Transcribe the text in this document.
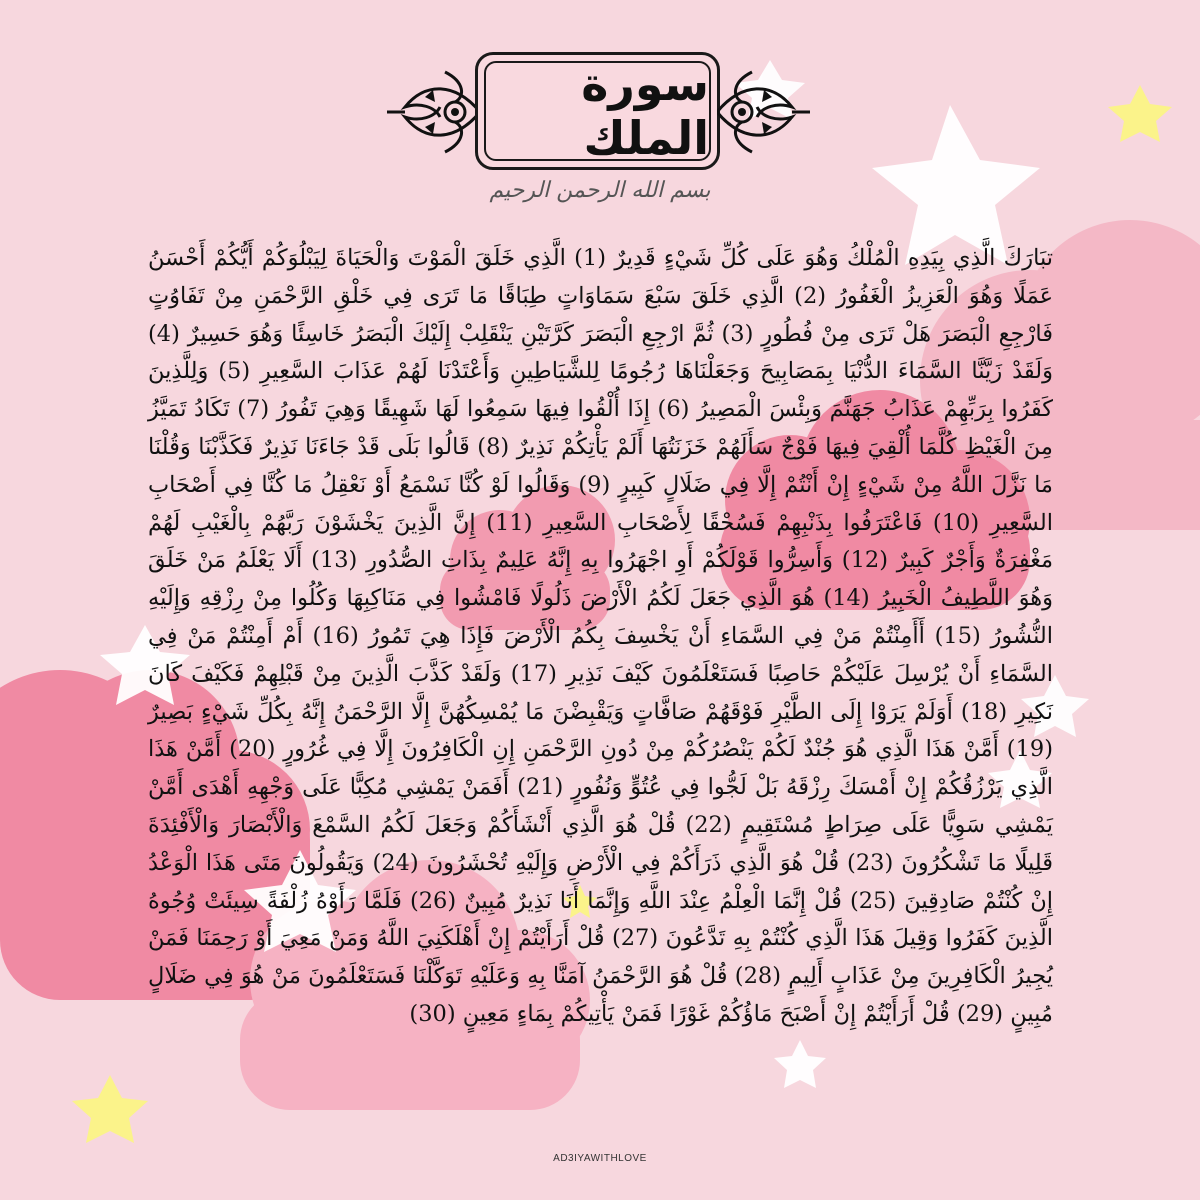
سورة الملك
بسم الله الرحمن الرحيم
تبَارَكَ الَّذِي بِيَدِهِ الْمُلْكُ وَهُوَ عَلَى كُلِّ شَيْءٍ قَدِيرٌ (1) الَّذِي خَلَقَ الْمَوْتَ وَالْحَيَاةَ لِيَبْلُوَكُمْ أَيُّكُمْ أَحْسَنُ عَمَلًا وَهُوَ الْعَزِيزُ الْغَفُورُ (2) الَّذِي خَلَقَ سَبْعَ سَمَاوَاتٍ طِبَاقًا مَا تَرَى فِي خَلْقِ الرَّحْمَنِ مِنْ تَفَاوُتٍ فَارْجِعِ الْبَصَرَ هَلْ تَرَى مِنْ فُطُورٍ (3) ثُمَّ ارْجِعِ الْبَصَرَ كَرَّتَيْنِ يَنْقَلِبْ إِلَيْكَ الْبَصَرُ خَاسِئًا وَهُوَ حَسِيرٌ (4) وَلَقَدْ زَيَّنَّا السَّمَاءَ الدُّنْيَا بِمَصَابِيحَ وَجَعَلْنَاهَا رُجُومًا لِلشَّيَاطِينِ وَأَعْتَدْنَا لَهُمْ عَذَابَ السَّعِيرِ (5) وَلِلَّذِينَ كَفَرُوا بِرَبِّهِمْ عَذَابُ جَهَنَّمَ وَبِئْسَ الْمَصِيرُ (6) إِذَا أُلْقُوا فِيهَا سَمِعُوا لَهَا شَهِيقًا وَهِيَ تَفُورُ (7) تَكَادُ تَمَيَّزُ مِنَ الْغَيْظِ كُلَّمَا أُلْقِيَ فِيهَا فَوْجٌ سَأَلَهُمْ خَزَنَتُهَا أَلَمْ يَأْتِكُمْ نَذِيرٌ (8) قَالُوا بَلَى قَدْ جَاءَنَا نَذِيرٌ فَكَذَّبْنَا وَقُلْنَا مَا نَزَّلَ اللَّهُ مِنْ شَيْءٍ إِنْ أَنْتُمْ إِلَّا فِي ضَلَالٍ كَبِيرٍ (9) وَقَالُوا لَوْ كُنَّا نَسْمَعُ أَوْ نَعْقِلُ مَا كُنَّا فِي أَصْحَابِ السَّعِيرِ (10) فَاعْتَرَفُوا بِذَنْبِهِمْ فَسُحْقًا لِأَصْحَابِ السَّعِيرِ (11) إِنَّ الَّذِينَ يَخْشَوْنَ رَبَّهُمْ بِالْغَيْبِ لَهُمْ مَغْفِرَةٌ وَأَجْرٌ كَبِيرٌ (12) وَأَسِرُّوا قَوْلَكُمْ أَوِ اجْهَرُوا بِهِ إِنَّهُ عَلِيمٌ بِذَاتِ الصُّدُورِ (13) أَلَا يَعْلَمُ مَنْ خَلَقَ وَهُوَ اللَّطِيفُ الْخَبِيرُ (14) هُوَ الَّذِي جَعَلَ لَكُمُ الْأَرْضَ ذَلُولًا فَامْشُوا فِي مَنَاكِبِهَا وَكُلُوا مِنْ رِزْقِهِ وَإِلَيْهِ النُّشُورُ (15) أَأَمِنْتُمْ مَنْ فِي السَّمَاءِ أَنْ يَخْسِفَ بِكُمُ الْأَرْضَ فَإِذَا هِيَ تَمُورُ (16) أَمْ أَمِنْتُمْ مَنْ فِي السَّمَاءِ أَنْ يُرْسِلَ عَلَيْكُمْ حَاصِبًا فَسَتَعْلَمُونَ كَيْفَ نَذِيرِ (17) وَلَقَدْ كَذَّبَ الَّذِينَ مِنْ قَبْلِهِمْ فَكَيْفَ كَانَ نَكِيرِ (18) أَوَلَمْ يَرَوْا إِلَى الطَّيْرِ فَوْقَهُمْ صَافَّاتٍ وَيَقْبِضْنَ مَا يُمْسِكُهُنَّ إِلَّا الرَّحْمَنُ إِنَّهُ بِكُلِّ شَيْءٍ بَصِيرٌ (19) أَمَّنْ هَذَا الَّذِي هُوَ جُنْدٌ لَكُمْ يَنْصُرُكُمْ مِنْ دُونِ الرَّحْمَنِ إِنِ الْكَافِرُونَ إِلَّا فِي غُرُورٍ (20) أَمَّنْ هَذَا الَّذِي يَرْزُقُكُمْ إِنْ أَمْسَكَ رِزْقَهُ بَلْ لَجُّوا فِي عُتُوٍّ وَنُفُورٍ (21) أَفَمَنْ يَمْشِي مُكِبًّا عَلَى وَجْهِهِ أَهْدَى أَمَّنْ يَمْشِي سَوِيًّا عَلَى صِرَاطٍ مُسْتَقِيمٍ (22) قُلْ هُوَ الَّذِي أَنْشَأَكُمْ وَجَعَلَ لَكُمُ السَّمْعَ وَالْأَبْصَارَ وَالْأَفْئِدَةَ قَلِيلًا مَا تَشْكُرُونَ (23) قُلْ هُوَ الَّذِي ذَرَأَكُمْ فِي الْأَرْضِ وَإِلَيْهِ تُحْشَرُونَ (24) وَيَقُولُونَ مَتَى هَذَا الْوَعْدُ إِنْ كُنْتُمْ صَادِقِينَ (25) قُلْ إِنَّمَا الْعِلْمُ عِنْدَ اللَّهِ وَإِنَّمَا أَنَا نَذِيرٌ مُبِينٌ (26) فَلَمَّا رَأَوْهُ زُلْفَةً سِيئَتْ وُجُوهُ الَّذِينَ كَفَرُوا وَقِيلَ هَذَا الَّذِي كُنْتُمْ بِهِ تَدَّعُونَ (27) قُلْ أَرَأَيْتُمْ إِنْ أَهْلَكَنِيَ اللَّهُ وَمَنْ مَعِيَ أَوْ رَحِمَنَا فَمَنْ يُجِيرُ الْكَافِرِينَ مِنْ عَذَابٍ أَلِيمٍ (28) قُلْ هُوَ الرَّحْمَنُ آمَنَّا بِهِ وَعَلَيْهِ تَوَكَّلْنَا فَسَتَعْلَمُونَ مَنْ هُوَ فِي ضَلَالٍ مُبِينٍ (29) قُلْ أَرَأَيْتُمْ إِنْ أَصْبَحَ مَاؤُكُمْ غَوْرًا فَمَنْ يَأْتِيكُمْ بِمَاءٍ مَعِينٍ (30)
AD3IYAWITHLOVE
